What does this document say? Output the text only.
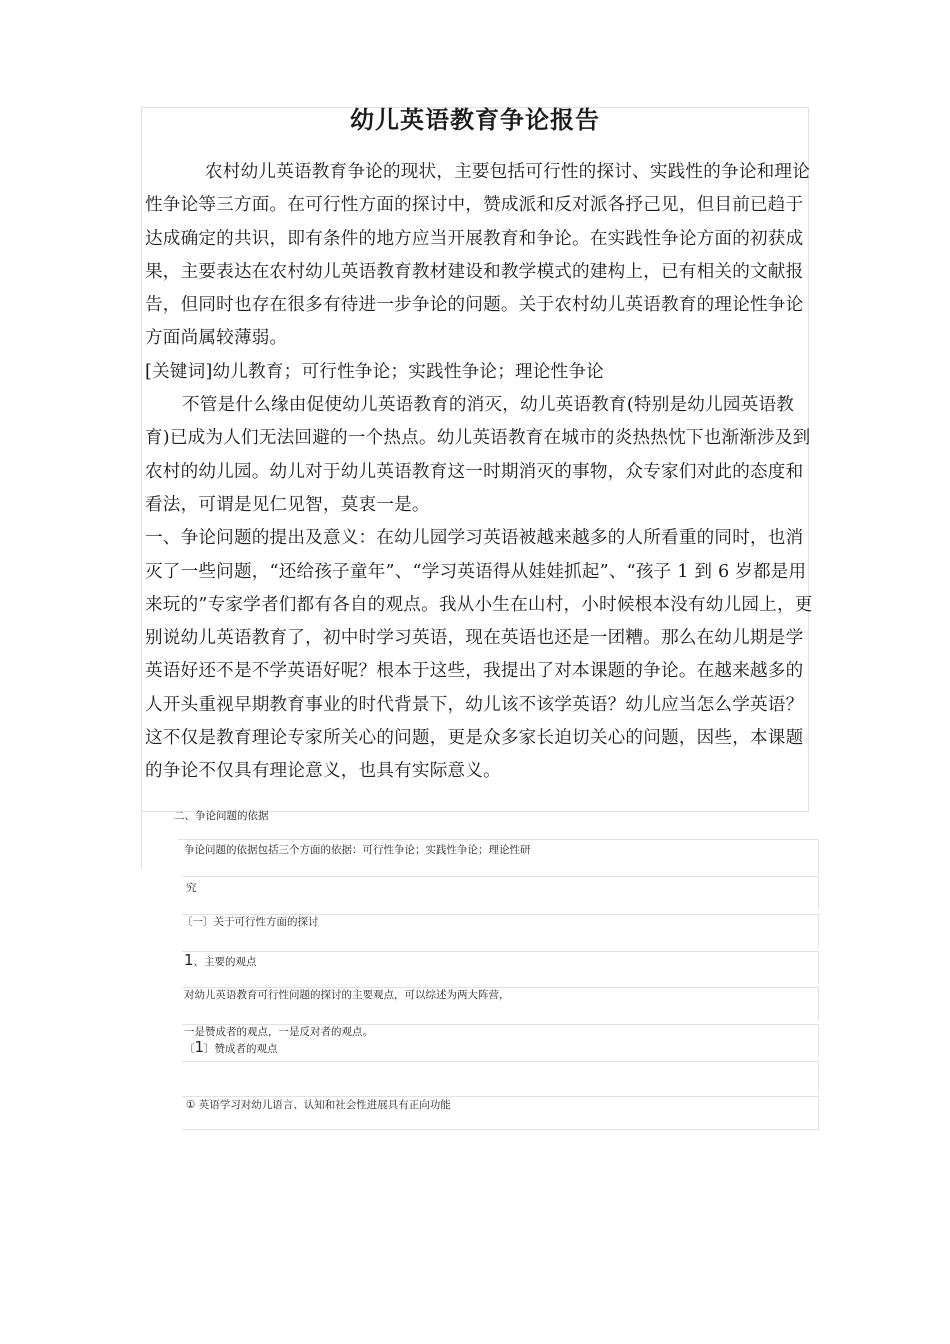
幼儿英语教育争论报告

农村幼儿英语教育争论的现状，主要包括可行性的探讨、实践性的争论和理论性争论等三方面。在可行性方面的探讨中，赞成派和反对派各抒己见，但目前已趋于达成确定的共识，即有条件的地方应当开展教育和争论。在实践性争论方面的初获成果，主要表达在农村幼儿英语教育教材建设和教学模式的建构上，已有相关的文献报告，但同时也存在很多有待进一步争论的问题。关于农村幼儿英语教育的理论性争论方面尚属较薄弱。

[关键词]幼儿教育；可行性争论；实践性争论；理论性争论

不管是什么缘由促使幼儿英语教育的消灭，幼儿英语教育(特别是幼儿园英语教育)已成为人们无法回避的一个热点。幼儿英语教育在城市的炎热热忱下也渐渐涉及到农村的幼儿园。幼儿对于幼儿英语教育这一时期消灭的事物，众专家们对此的态度和看法，可谓是见仁见智，莫衷一是。

一、争论问题的提出及意义：在幼儿园学习英语被越来越多的人所看重的同时，也消灭了一些问题，“还给孩子童年”、“学习英语得从娃娃抓起”、“孩子 1 到 6 岁都是用来玩的”专家学者们都有各自的观点。我从小生在山村，小时候根本没有幼儿园上，更别说幼儿英语教育了，初中时学习英语，现在英语也还是一团糟。那么在幼儿期是学英语好还不是不学英语好呢？根本于这些，我提出了对本课题的争论。在越来越多的人开头重视早期教育事业的时代背景下，幼儿该不该学英语？幼儿应当怎么学英语？这不仅是教育理论专家所关心的问题，更是众多家长迫切关心的问题，因些，本课题的争论不仅具有理论意义，也具有实际意义。

二、争论问题的依据
争论问题的依据包括三个方面的依据：可行性争论；实践性争论；理论性研
究
〔一〕关于可行性方面的探讨
1、主要的观点
对幼儿英语教育可行性问题的探讨的主要观点，可以综述为两大阵营，
一是赞成者的观点，一是反对者的观点。
〔1〕赞成者的观点
① 英语学习对幼儿语言、认知和社会性进展具有正向功能
